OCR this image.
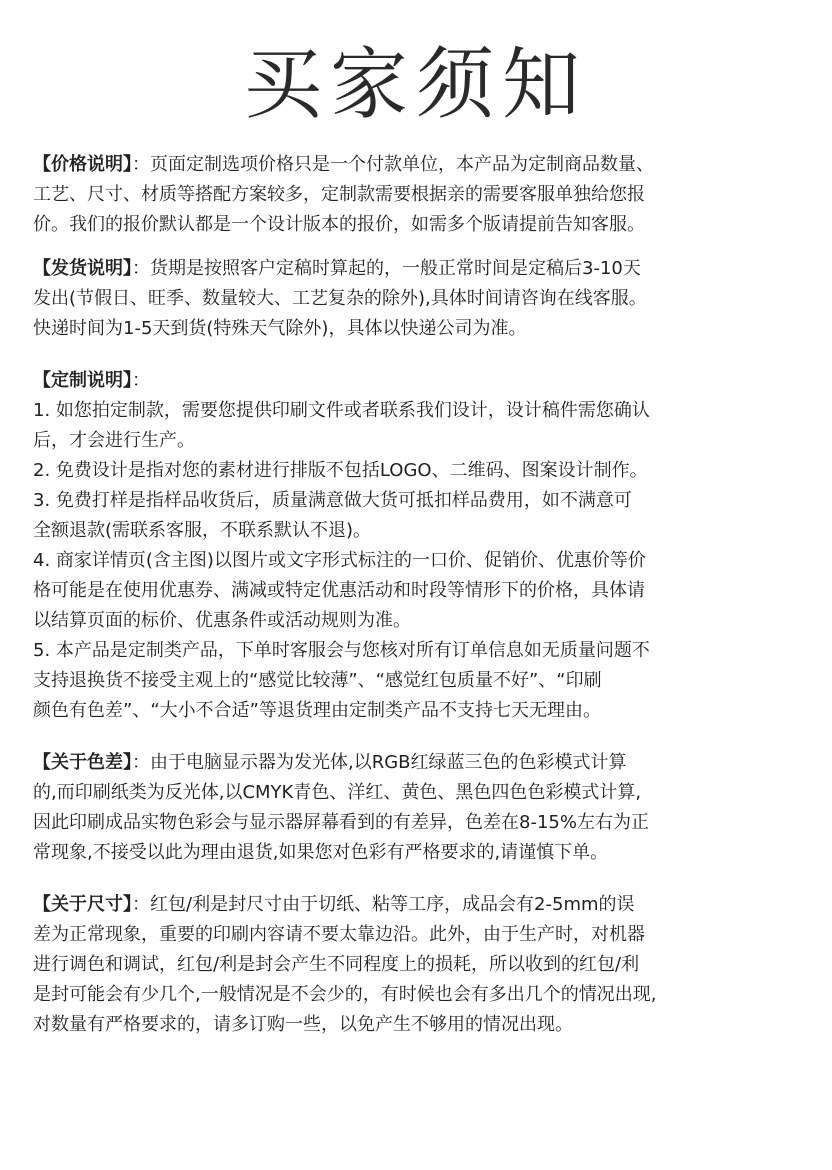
买家须知
【价格说明】：页面定制选项价格只是一个付款单位，本产品为定制商品数量、
工艺、尺寸、材质等搭配方案较多，定制款需要根据亲的需要客服单独给您报
价。我们的报价默认都是一个设计版本的报价，如需多个版请提前告知客服。
【发货说明】：货期是按照客户定稿时算起的，一般正常时间是定稿后3-10天
发出(节假日、旺季、数量较大、工艺复杂的除外),具体时间请咨询在线客服。
快递时间为1-5天到货(特殊天气除外)，具体以快递公司为准。
【定制说明】：
1. 如您拍定制款，需要您提供印刷文件或者联系我们设计，设计稿件需您确认
后，才会进行生产。
2. 免费设计是指对您的素材进行排版不包括LOGO、二维码、图案设计制作。
3. 免费打样是指样品收货后，质量满意做大货可抵扣样品费用，如不满意可
全额退款(需联系客服，不联系默认不退)。
4. 商家详情页(含主图)以图片或文字形式标注的一口价、促销价、优惠价等价
格可能是在使用优惠券、满减或特定优惠活动和时段等情形下的价格，具体请
以结算页面的标价、优惠条件或活动规则为准。
5. 本产品是定制类产品，下单时客服会与您核对所有订单信息如无质量问题不
支持退换货不接受主观上的“感觉比较薄”、“感觉红包质量不好”、“印刷
颜色有色差”、“大小不合适”等退货理由定制类产品不支持七天无理由。
【关于色差】：由于电脑显示器为发光体,以RGB红绿蓝三色的色彩模式计算
的,而印刷纸类为反光体,以CMYK青色、洋红、黄色、黑色四色色彩模式计算,
因此印刷成品实物色彩会与显示器屏幕看到的有差异，色差在8-15%左右为正
常现象,不接受以此为理由退货,如果您对色彩有严格要求的,请谨慎下单。
【关于尺寸】：红包/利是封尺寸由于切纸、粘等工序，成品会有2-5mm的误
差为正常现象，重要的印刷内容请不要太靠边沿。此外，由于生产时，对机器
进行调色和调试，红包/利是封会产生不同程度上的损耗，所以收到的红包/利
是封可能会有少几个,一般情况是不会少的，有时候也会有多出几个的情况出现,
对数量有严格要求的，请多订购一些，以免产生不够用的情况出现。
